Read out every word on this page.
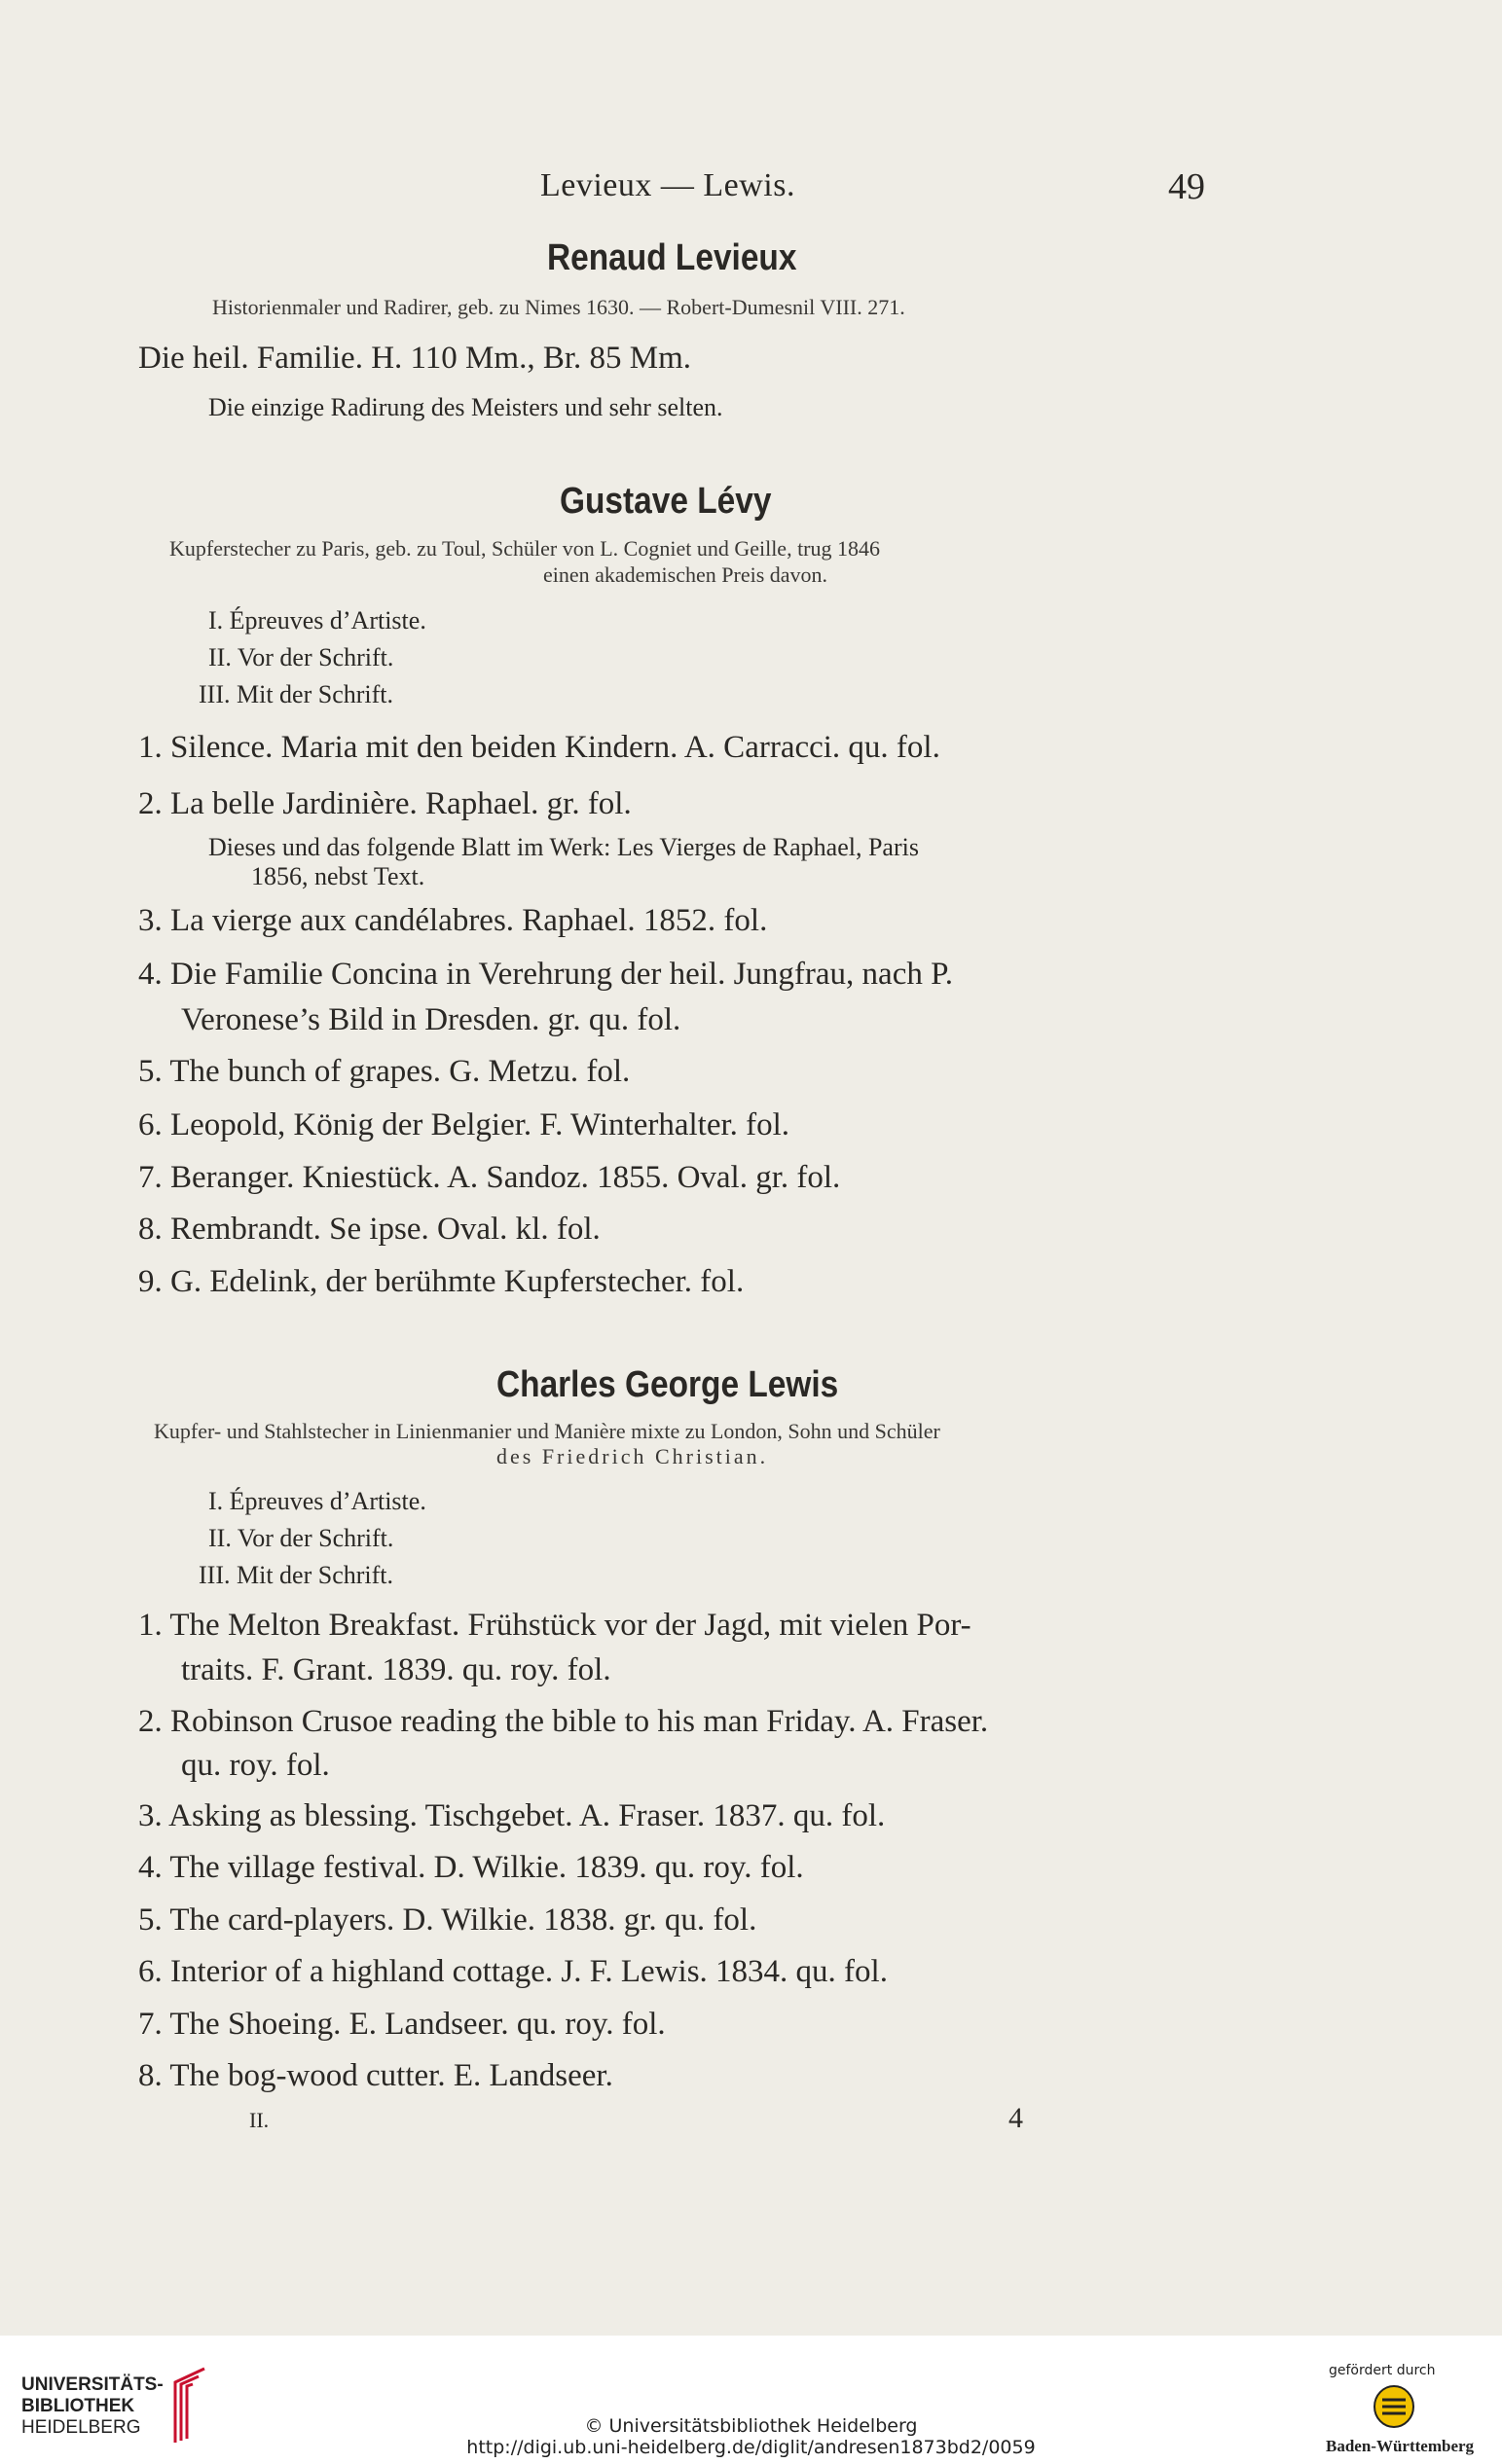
Levieux — Lewis.	49
Renaud Levieux
Historienmaler und Radirer, geb. zu Nimes 1630. — Robert-Dumesnil VIII. 271.
Die heil. Familie. H. 110 Mm., Br. 85 Mm.
Die einzige Radirung des Meisters und sehr selten.
Gustave Lévy
Kupferstecher zu Paris, geb. zu Toul, Schüler von L. Cogniet und Geille, trug 1846
einen akademischen Preis davon.
I. Épreuves d’Artiste.
II. Vor der Schrift.
III. Mit der Schrift.
1. Silence. Maria mit den beiden Kindern. A. Carracci. qu. fol.
2. La belle Jardinière. Raphael. gr. fol.
Dieses und das folgende Blatt im Werk: Les Vierges de Raphael, Paris
1856, nebst Text.
3. La vierge aux candélabres. Raphael. 1852. fol.
4. Die Familie Concina in Verehrung der heil. Jungfrau, nach P.
Veronese’s Bild in Dresden. gr. qu. fol.
5. The bunch of grapes. G. Metzu. fol.
6. Leopold, König der Belgier. F. Winterhalter. fol.
7. Beranger. Kniestück. A. Sandoz. 1855. Oval. gr. fol.
8. Rembrandt. Se ipse. Oval. kl. fol.
9. G. Edelink, der berühmte Kupferstecher. fol.
Charles George Lewis
Kupfer- und Stahlstecher in Linienmanier und Manière mixte zu London, Sohn und Schüler
des Friedrich Christian.
I. Épreuves d’Artiste.
II. Vor der Schrift.
III. Mit der Schrift.
1. The Melton Breakfast. Frühstück vor der Jagd, mit vielen Por-
traits. F. Grant. 1839. qu. roy. fol.
2. Robinson Crusoe reading the bible to his man Friday. A. Fraser.
qu. roy. fol.
3. Asking as blessing. Tischgebet. A. Fraser. 1837. qu. fol.
4. The village festival. D. Wilkie. 1839. qu. roy. fol.
5. The card-players. D. Wilkie. 1838. gr. qu. fol.
6. Interior of a highland cottage. J. F. Lewis. 1834. qu. fol.
7. The Shoeing. E. Landseer. qu. roy. fol.
8. The bog-wood cutter. E. Landseer.
II.	4
UNIVERSITÄTS-
BIBLIOTHEK
HEIDELBERG	© Universitätsbibliothek Heidelberg
http://digi.ub.uni-heidelberg.de/diglit/andresen1873bd2/0059
gefördert durch
Baden-Württemberg
